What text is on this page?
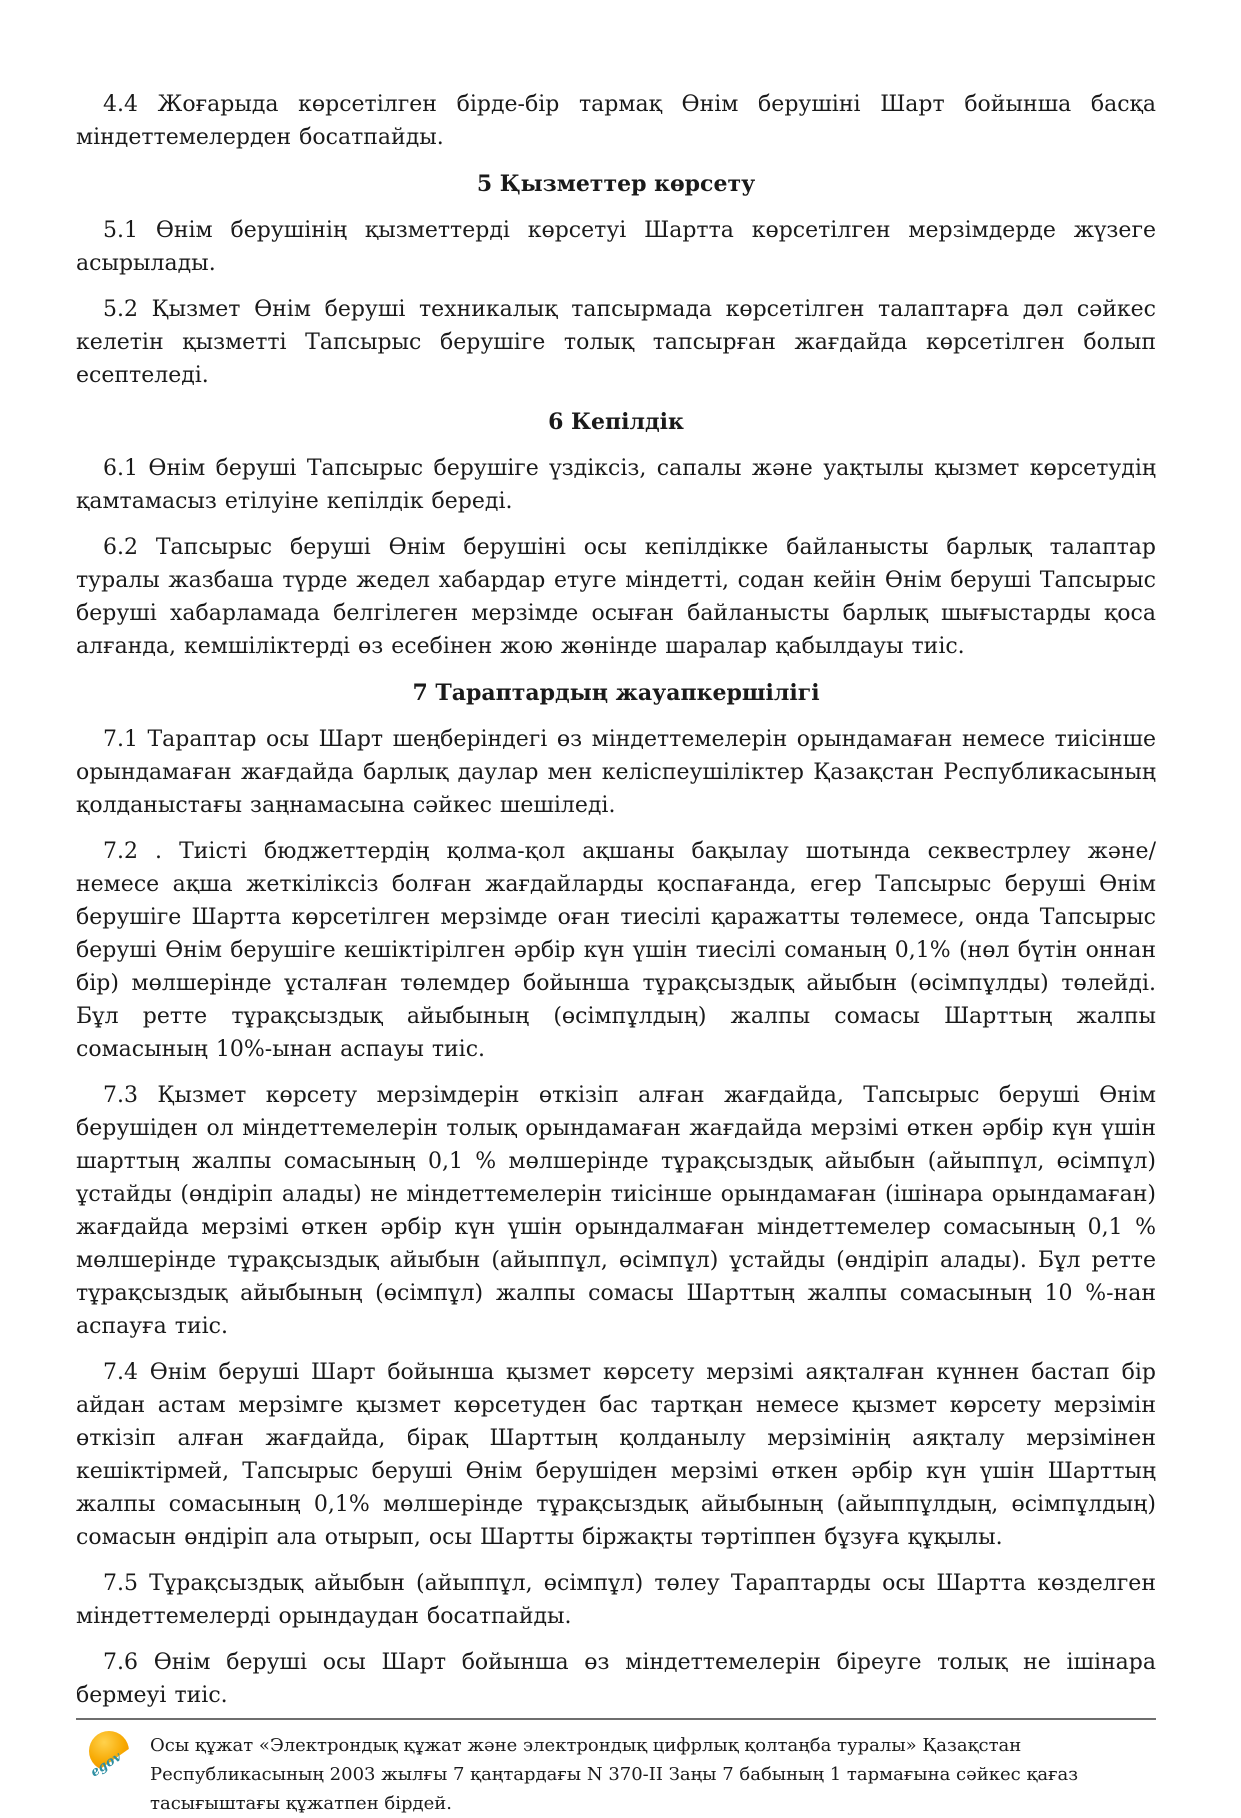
4.4 Жоғарыда көрсетілген бірде-бір тармақ Өнім берушіні Шарт бойынша басқа міндеттемелерден босатпайды.

5 Қызметтер көрсету

5.1 Өнім берушінің қызметтерді көрсетуі Шартта көрсетілген мерзімдерде жүзеге асырылады.

5.2 Қызмет Өнім беруші техникалық тапсырмада көрсетілген талаптарға дәл сәйкес келетін қызметті Тапсырыс берушіге толық тапсырған жағдайда көрсетілген болып есептеледі.

6 Кепілдік

6.1 Өнім беруші Тапсырыс берушіге үздіксіз, сапалы және уақтылы қызмет көрсетудің қамтамасыз етілуіне кепілдік береді.

6.2 Тапсырыс беруші Өнім берушіні осы кепілдікке байланысты барлық талаптар туралы жазбаша түрде жедел хабардар етуге міндетті, содан кейін Өнім беруші Тапсырыс беруші хабарламада белгілеген мерзімде осыған байланысты барлық шығыстарды қоса алғанда, кемшіліктерді өз есебінен жою жөнінде шаралар қабылдауы тиіс.

7 Тараптардың жауапкершілігі

7.1 Тараптар осы Шарт шеңберіндегі өз міндеттемелерін орындамаған немесе тиісінше орындамаған жағдайда барлық даулар мен келіспеушіліктер Қазақстан Республикасының қолданыстағы заңнамасына сәйкес шешіледі.

7.2 . Тиісті бюджеттердің қолма-қол ақшаны бақылау шотында секвестрлеу және/немесе ақша жеткіліксіз болған жағдайларды қоспағанда, егер Тапсырыс беруші Өнім берушіге Шартта көрсетілген мерзімде оған тиесілі қаражатты төлемесе, онда Тапсырыс беруші Өнім берушіге кешіктірілген әрбір күн үшін тиесілі соманың 0,1% (нөл бүтін оннан бір) мөлшерінде ұсталған төлемдер бойынша тұрақсыздық айыбын (өсімпұлды) төлейді. Бұл ретте тұрақсыздық айыбының (өсімпұлдың) жалпы сомасы Шарттың жалпы сомасының 10%-ынан аспауы тиіс.

7.3 Қызмет көрсету мерзімдерін өткізіп алған жағдайда, Тапсырыс беруші Өнім берушіден ол міндеттемелерін толық орындамаған жағдайда мерзімі өткен әрбір күн үшін шарттың жалпы сомасының 0,1 % мөлшерінде тұрақсыздық айыбын (айыппұл, өсімпұл) ұстайды (өндіріп алады) не міндеттемелерін тиісінше орындамаған (ішінара орындамаған) жағдайда мерзімі өткен әрбір күн үшін орындалмаған міндеттемелер сомасының 0,1 % мөлшерінде тұрақсыздық айыбын (айыппұл, өсімпұл) ұстайды (өндіріп алады). Бұл ретте тұрақсыздық айыбының (өсімпұл) жалпы сомасы Шарттың жалпы сомасының 10 %-нан аспауға тиіс.

7.4 Өнім беруші Шарт бойынша қызмет көрсету мерзімі аяқталған күннен бастап бір айдан астам мерзімге қызмет көрсетуден бас тартқан немесе қызмет көрсету мерзімін өткізіп алған жағдайда, бірақ Шарттың қолданылу мерзімінің аяқталу мерзімінен кешіктірмей, Тапсырыс беруші Өнім берушіден мерзімі өткен әрбір күн үшін Шарттың жалпы сомасының 0,1% мөлшерінде тұрақсыздық айыбының (айыппұлдың, өсімпұлдың) сомасын өндіріп ала отырып, осы Шартты біржақты тәртіппен бұзуға құқылы.

7.5 Тұрақсыздық айыбын (айыппұл, өсімпұл) төлеу Тараптарды осы Шартта көзделген міндеттемелерді орындаудан босатпайды.

7.6 Өнім беруші осы Шарт бойынша өз міндеттемелерін біреуге толық не ішінара бермеуі тиіс.

egov
Осы құжат «Электрондық құжат және электрондық цифрлық қолтаңба туралы» Қазақстан
Республикасының 2003 жылғы 7 қаңтардағы N 370-II Заңы 7 бабының 1 тармағына сәйкес қағаз
тасығыштағы құжатпен бірдей.
